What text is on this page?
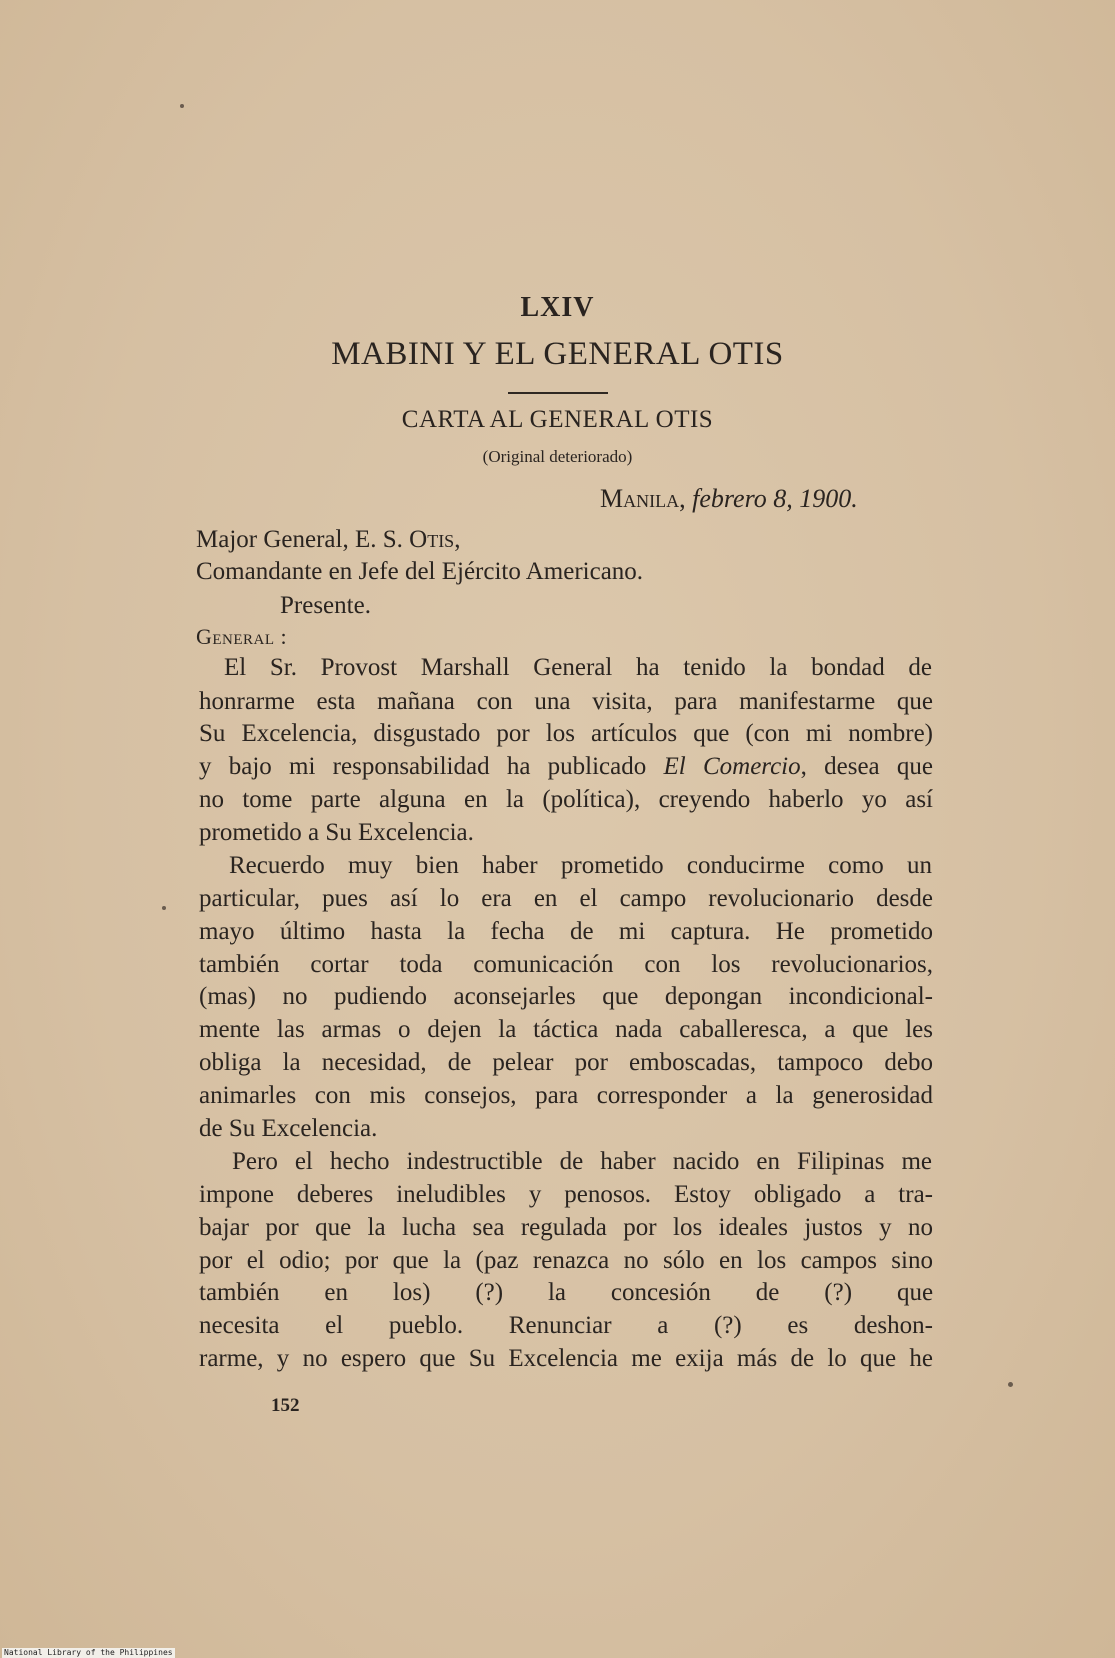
LXIV
MABINI Y EL GENERAL OTIS
CARTA AL GENERAL OTIS
(Original deteriorado)
Manila, febrero 8, 1900.
Major General, E. S. Otis,
Comandante en Jefe del Ejército Americano.
Presente.
General :
El Sr. Provost Marshall General ha tenido la bondad de
honrarme esta mañana con una visita, para manifestarme que
Su Excelencia, disgustado por los artículos que (con mi nombre)
y bajo mi responsabilidad ha publicado El Comercio, desea que
no tome parte alguna en la (política), creyendo haberlo yo así
prometido a Su Excelencia.
Recuerdo muy bien haber prometido conducirme como un
particular, pues así lo era en el campo revolucionario desde
mayo último hasta la fecha de mi captura. He prometido
también cortar toda comunicación con los revolucionarios,
(mas) no pudiendo aconsejarles que depongan incondicional-
mente las armas o dejen la táctica nada caballeresca, a que les
obliga la necesidad, de pelear por emboscadas, tampoco debo
animarles con mis consejos, para corresponder a la generosidad
de Su Excelencia.
Pero el hecho indestructible de haber nacido en Filipinas me
impone deberes ineludibles y penosos. Estoy obligado a tra-
bajar por que la lucha sea regulada por los ideales justos y no
por el odio; por que la (paz renazca no sólo en los campos sino
también en los) (?) la concesión de (?) que
necesita el pueblo. Renunciar a (?) es deshon-
rarme, y no espero que Su Excelencia me exija más de lo que he
152
National Library of the Philippines
